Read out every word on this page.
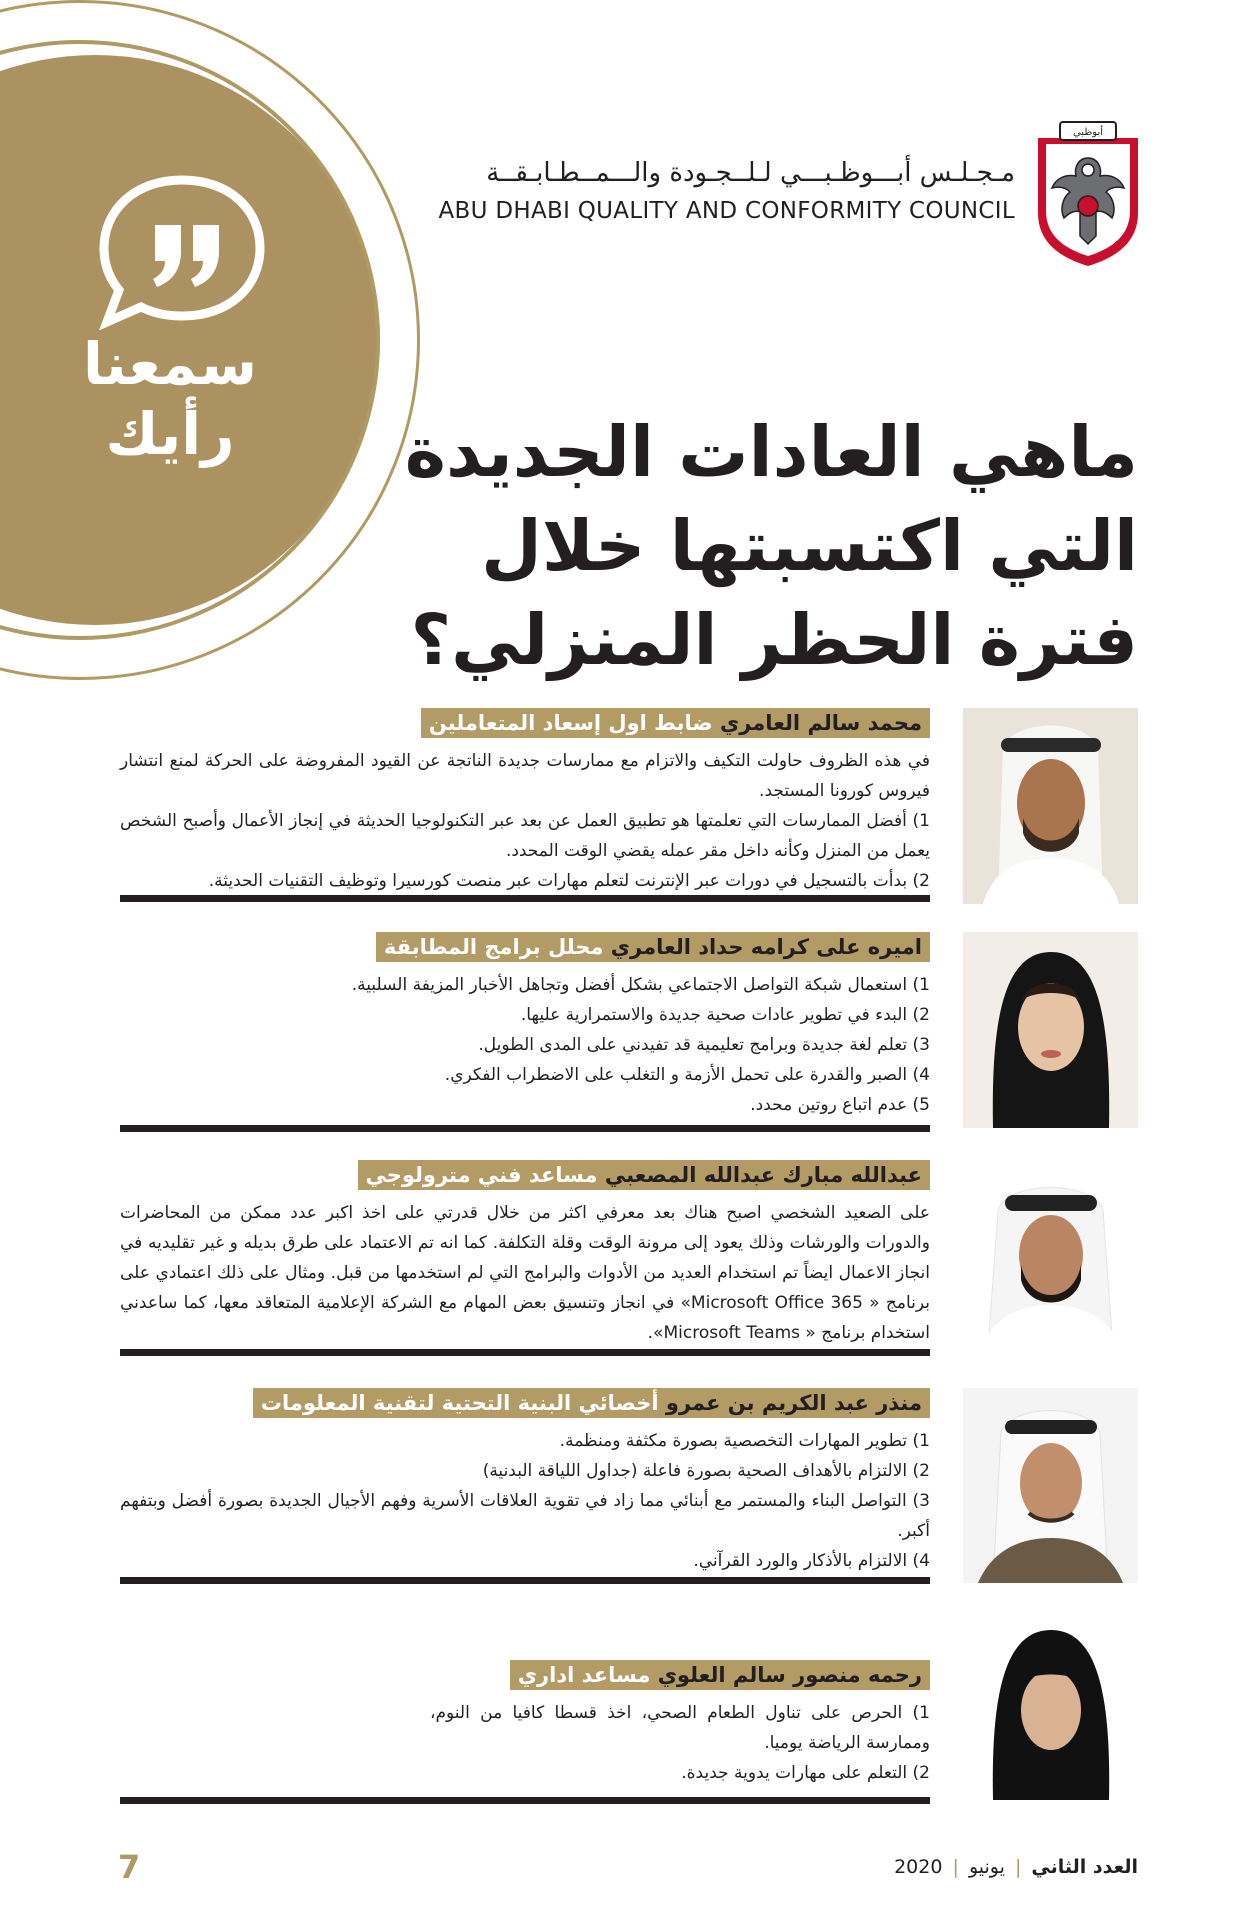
سمعنا
رأيك
مـجـلـس أبـــوظـبـــي لـلــجـودة والـــمــطـابـقــة
ABU DHABI QUALITY AND CONFORMITY COUNCIL
أبوظبي
ماهي العادات الجديدة
التي اكتسبتها خلال
فترة الحظر المنزلي؟
محمد سالم العامري ضابط اول إسعاد المتعاملين

في هذه الظروف حاولت التكيف والاتزام مع ممارسات جديدة الناتجة عن القيود المفروضة على الحركة لمنع انتشار فيروس كورونا المستجد.

1) أفضل الممارسات التي تعلمتها هو تطبيق العمل عن بعد عبر التكنولوجيا الحديثة في إنجاز الأعمال وأصبح الشخص يعمل من المنزل وكأنه داخل مقر عمله يقضي الوقت المحدد.

2) بدأت بالتسجيل في دورات عبر الإنترنت لتعلم مهارات عبر منصت كورسيرا وتوظيف التقنيات الحديثة.

اميره على كرامه حداد العامري محلل برامج المطابقة

1) استعمال شبكة التواصل الاجتماعي بشكل أفضل وتجاهل الأخبار المزيفة السلبية.

2) البدء في تطوير عادات صحية جديدة والاستمرارية عليها.

3) تعلم لغة جديدة وبرامج تعليمية قد تفيدني على المدى الطويل.

4) الصبر والقدرة على تحمل الأزمة و التغلب على الاضطراب الفكري.

5) عدم اتباع روتين محدد.

عبدالله مبارك عبدالله المصعبي مساعد فني مترولوجي

على الصعيد الشخصي اصبح هناك بعد معرفي اكثر من خلال قدرتي على اخذ اكبر عدد ممكن من المحاضرات والدورات والورشات وذلك يعود إلى مرونة الوقت وقلة التكلفة. كما انه تم الاعتماد على طرق بديله و غير تقليديه في انجاز الاعمال ايضاً تم استخدام العديد من الأدوات والبرامج التي لم استخدمها من قبل. ومثال على ذلك اعتمادي على برنامج « Microsoft Office 365» في انجاز وتنسيق بعض المهام مع الشركة الإعلامية المتعاقد معها، كما ساعدني استخدام برنامج « Microsoft Teams».

منذر عبد الكريم بن عمرو أخصائي البنية التحتية لتقنية المعلومات

1) تطوير المهارات التخصصية بصورة مكثفة ومنظمة.

2) الالتزام بالأهداف الصحية بصورة فاعلة (جداول اللياقة البدنية)

3) التواصل البناء والمستمر مع أبنائي مما زاد في تقوية العلاقات الأسرية وفهم الأجيال الجديدة بصورة أفضل وبتفهم أكبر.

4) الالتزام بالأذكار والورد القرآني.

رحمه منصور سالم العلوي مساعد اداري

1) الحرص على تناول الطعام الصحي، اخذ قسطا كافيا من النوم، وممارسة الرياضة يوميا.

2) التعلم على مهارات يدوية جديدة.

7	العدد الثاني | يونيو | 2020
